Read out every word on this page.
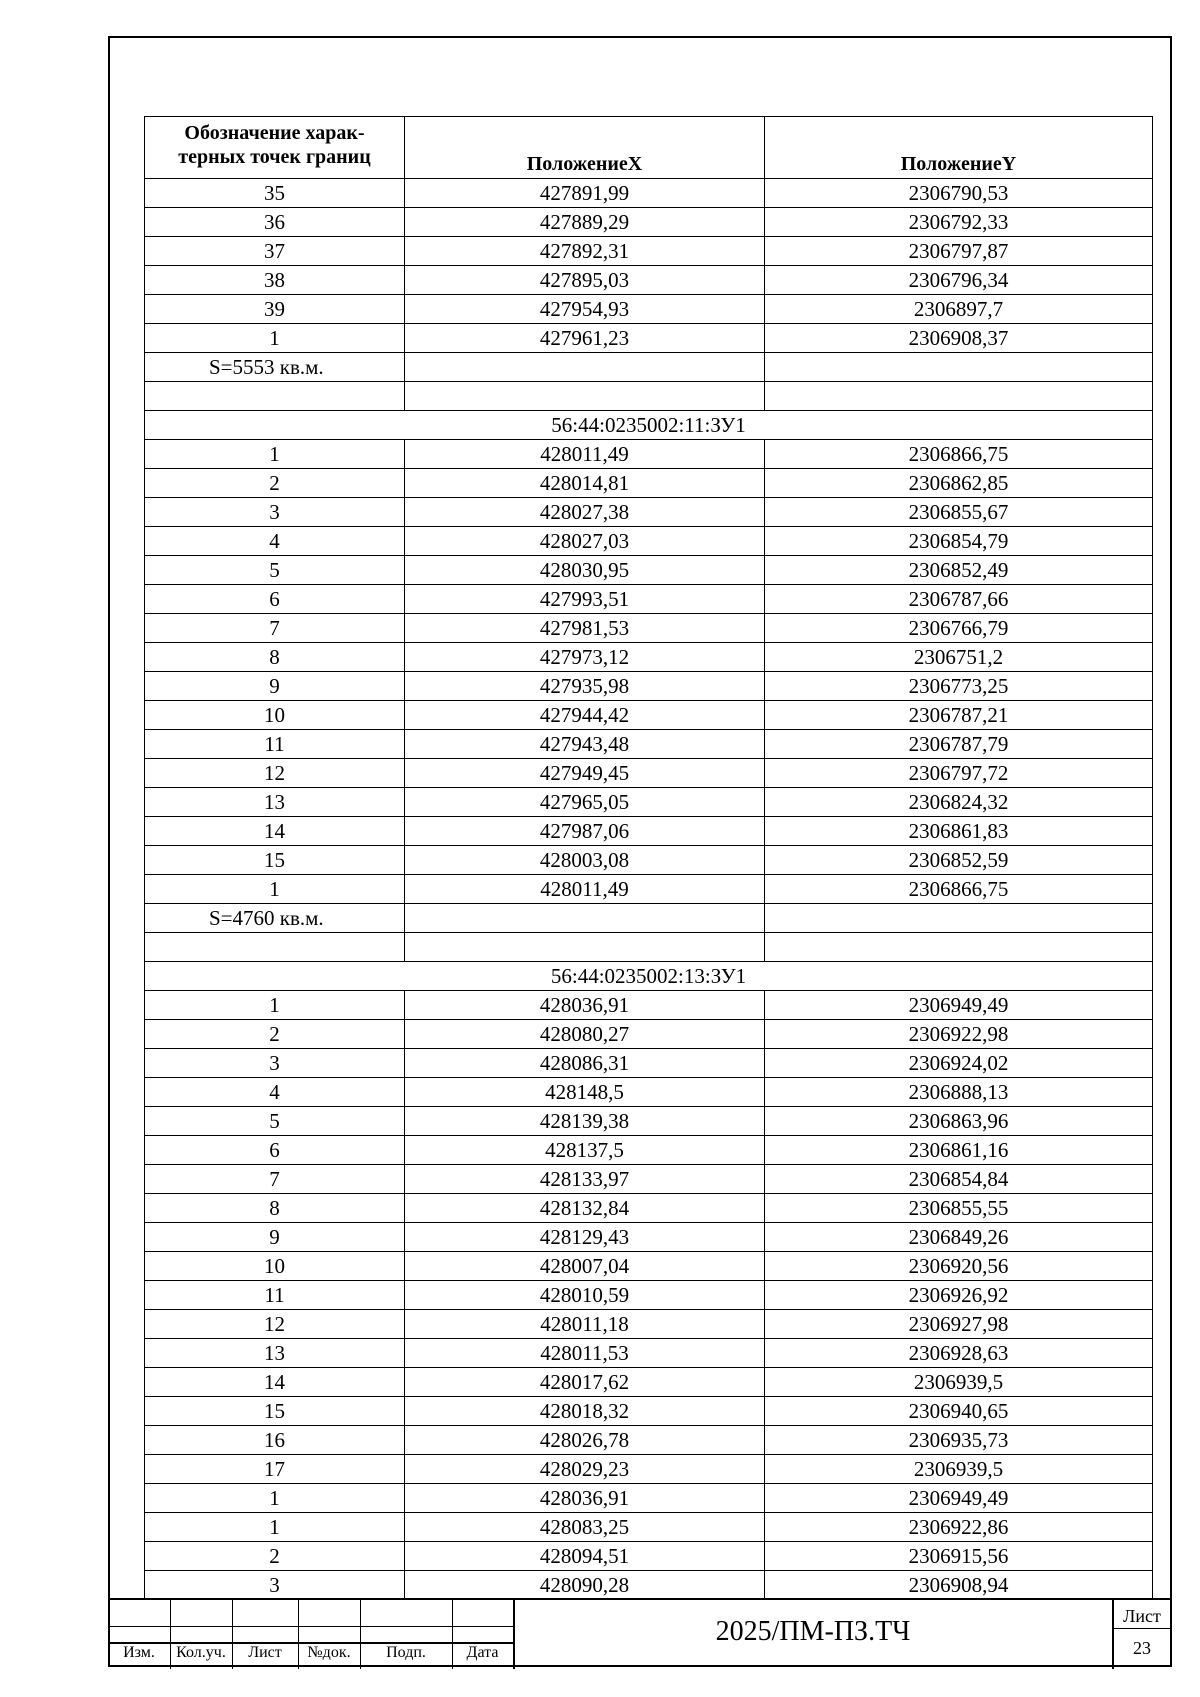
Обозначение харак-
терных точек границ	ПоложениеX	ПоложениеY
35	427891,99	2306790,53
36	427889,29	2306792,33
37	427892,31	2306797,87
38	427895,03	2306796,34
39	427954,93	2306897,7
1	427961,23	2306908,37
S=5553 кв.м.		

56:44:0235002:11:ЗУ1		
1	428011,49	2306866,75
2	428014,81	2306862,85
3	428027,38	2306855,67
4	428027,03	2306854,79
5	428030,95	2306852,49
6	427993,51	2306787,66
7	427981,53	2306766,79
8	427973,12	2306751,2
9	427935,98	2306773,25
10	427944,42	2306787,21
11	427943,48	2306787,79
12	427949,45	2306797,72
13	427965,05	2306824,32
14	427987,06	2306861,83
15	428003,08	2306852,59
1	428011,49	2306866,75
S=4760 кв.м.		

56:44:0235002:13:ЗУ1		
1	428036,91	2306949,49
2	428080,27	2306922,98
3	428086,31	2306924,02
4	428148,5	2306888,13
5	428139,38	2306863,96
6	428137,5	2306861,16
7	428133,97	2306854,84
8	428132,84	2306855,55
9	428129,43	2306849,26
10	428007,04	2306920,56
11	428010,59	2306926,92
12	428011,18	2306927,98
13	428011,53	2306928,63
14	428017,62	2306939,5
15	428018,32	2306940,65
16	428026,78	2306935,73
17	428029,23	2306939,5
1	428036,91	2306949,49
1	428083,25	2306922,86
2	428094,51	2306915,56
3	428090,28	2306908,94
Изм.	Кол.уч.	Лист	№док.	Подп.	Дата
2025/ПМ-ПЗ.ТЧ	Лист
23
